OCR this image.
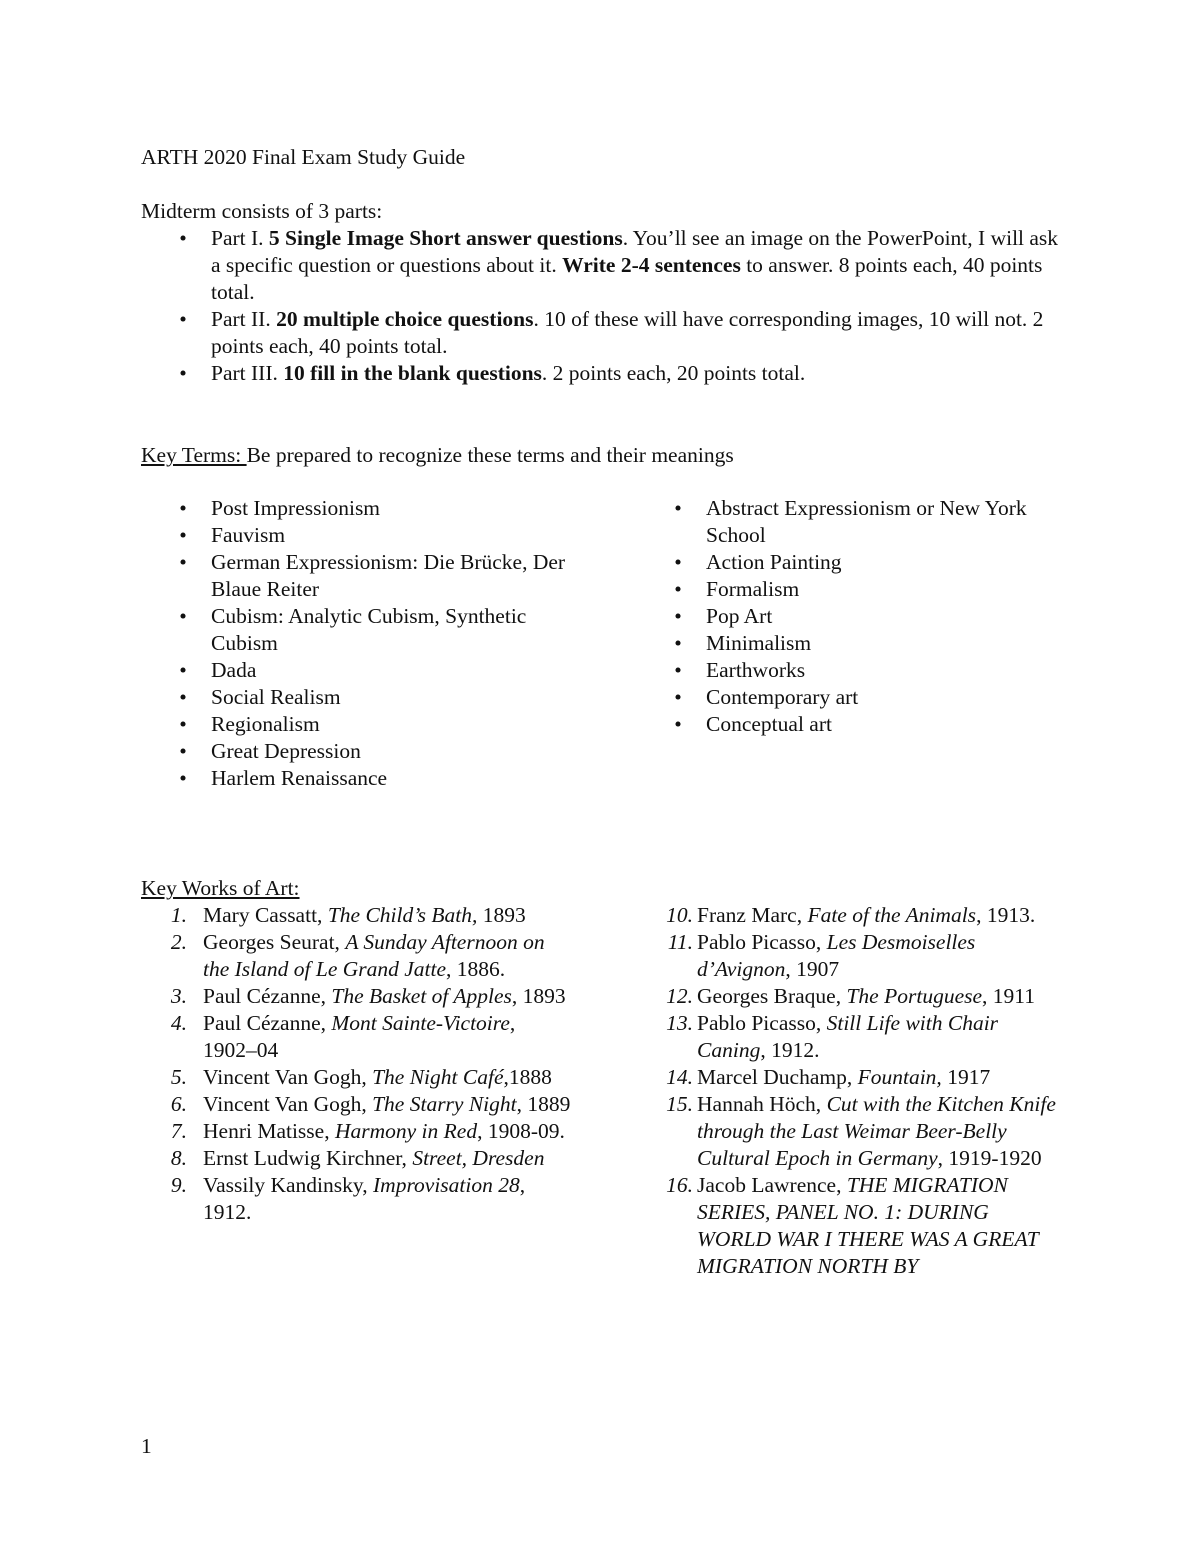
ARTH 2020 Final Exam Study Guide
Midterm consists of 3 parts:
• Part I. 5 Single Image Short answer questions. You’ll see an image on the PowerPoint, I will ask a specific question or questions about it. Write 2-4 sentences to answer. 8 points each, 40 points total.
• Part II. 20 multiple choice questions. 10 of these will have corresponding images, 10 will not. 2 points each, 40 points total.
• Part III. 10 fill in the blank questions. 2 points each, 20 points total.
Key Terms: Be prepared to recognize these terms and their meanings
• Post Impressionism
• Fauvism
• German Expressionism: Die Brücke, Der Blaue Reiter
• Cubism: Analytic Cubism, Synthetic Cubism
• Dada
• Social Realism
• Regionalism
• Great Depression
• Harlem Renaissance
• Abstract Expressionism or New York School
• Action Painting
• Formalism
• Pop Art
• Minimalism
• Earthworks
• Contemporary art
• Conceptual art
Key Works of Art:
1. Mary Cassatt, The Child’s Bath, 1893
2. Georges Seurat, A Sunday Afternoon on the Island of Le Grand Jatte, 1886.
3. Paul Cézanne, The Basket of Apples, 1893
4. Paul Cézanne, Mont Sainte-Victoire, 1902–04
5. Vincent Van Gogh, The Night Café,1888
6. Vincent Van Gogh, The Starry Night, 1889
7. Henri Matisse, Harmony in Red, 1908-09.
8. Ernst Ludwig Kirchner, Street, Dresden
9. Vassily Kandinsky, Improvisation 28, 1912.
10. Franz Marc, Fate of the Animals, 1913.
11. Pablo Picasso, Les Desmoiselles d’Avignon, 1907
12. Georges Braque, The Portuguese, 1911
13. Pablo Picasso, Still Life with Chair Caning, 1912.
14. Marcel Duchamp, Fountain, 1917
15. Hannah Höch, Cut with the Kitchen Knife through the Last Weimar Beer-Belly Cultural Epoch in Germany, 1919-1920
16. Jacob Lawrence, THE MIGRATION SERIES, PANEL NO. 1: DURING WORLD WAR I THERE WAS A GREAT MIGRATION NORTH BY
1
